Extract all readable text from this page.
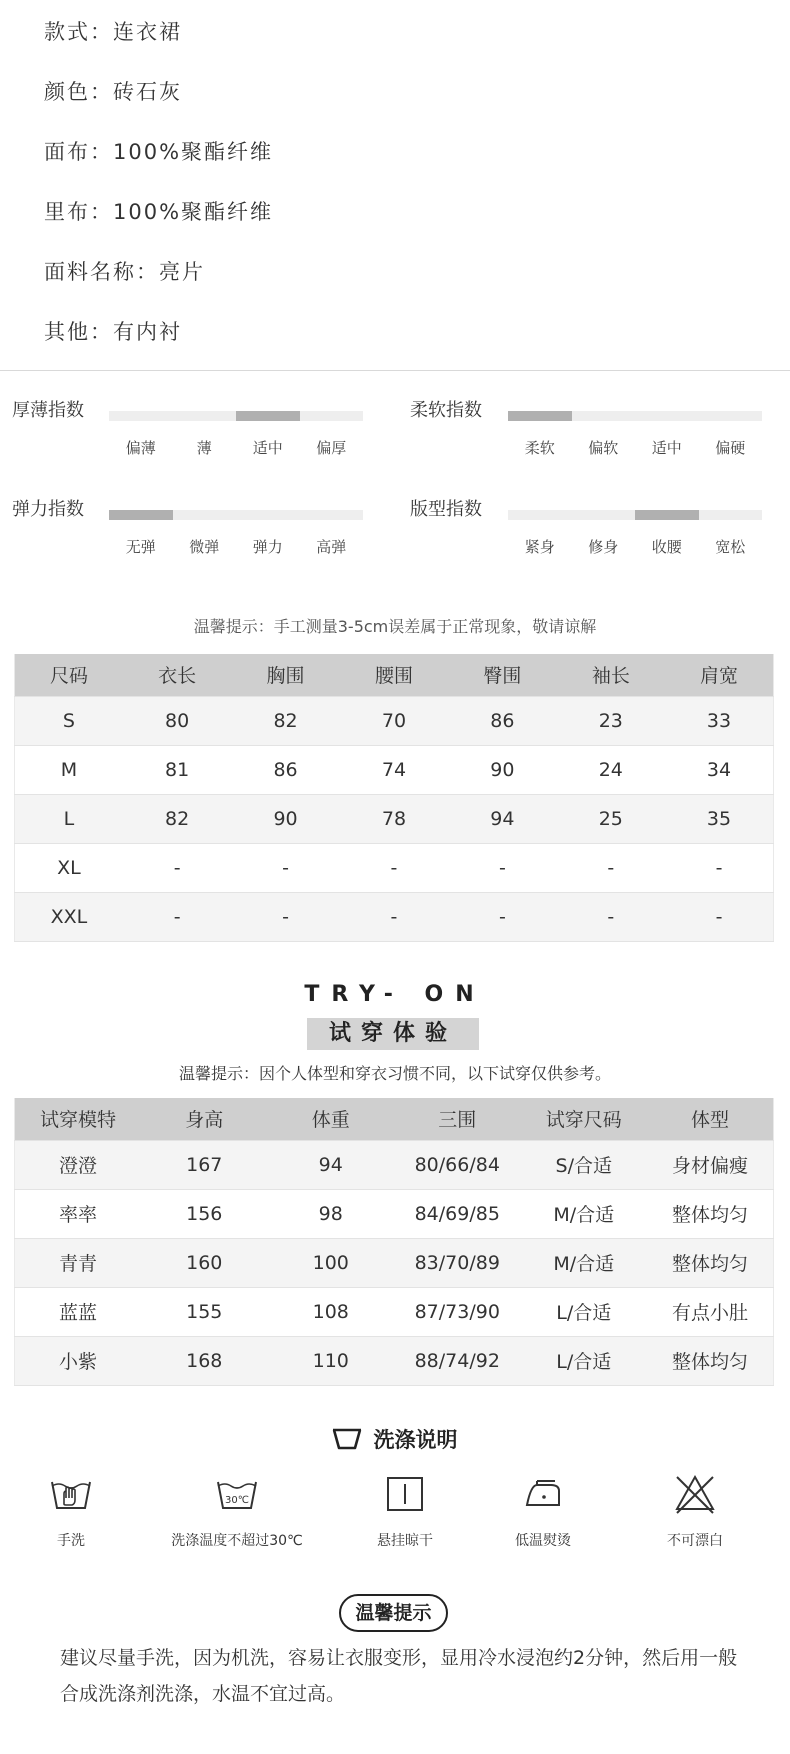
款式：连衣裙
颜色：砖石灰
面布：100%聚酯纤维
里布：100%聚酯纤维
面料名称：亮片
其他：有内衬
厚薄指数
偏薄	薄	适中 偏厚
柔软指数
柔软 偏软 适中 偏硬
弹力指数
无弹 微弹 弹力 高弹
版型指数
紧身 修身 收腰 宽松
温馨提示：手工测量3-5cm误差属于正常现象，敬请谅解
尺码	衣长	胸围	腰围	臀围	袖长	肩宽
S	80	82	70	86	23	33
M	81	86	74	90	24	34
L	82	90	78	94	25	35
XL	-	-	-	-	-	-
XXL	-	-	-	-	-	-
TRY- ON
试穿体验
温馨提示：因个人体型和穿衣习惯不同，以下试穿仅供参考。
试穿模特	身高	体重	三围	试穿尺码	体型
澄澄	167	94	80/66/84	S/合适	身材偏瘦
率率	156	98	84/69/85	M/合适	整体均匀
青青	160	100	83/70/89	M/合适	整体均匀
蓝蓝	155	108	87/73/90	L/合适	有点小肚
小紫	168	110	88/74/92	L/合适	整体均匀
洗涤说明
手洗
30℃
洗涤温度不超过30℃	悬挂晾干	低温熨烫	不可漂白
温馨提示
建议尽量手洗，因为机洗，容易让衣服变形，显用冷水浸泡约2分钟，然后用一般合成洗涤剂洗涤，水温不宜过高。
